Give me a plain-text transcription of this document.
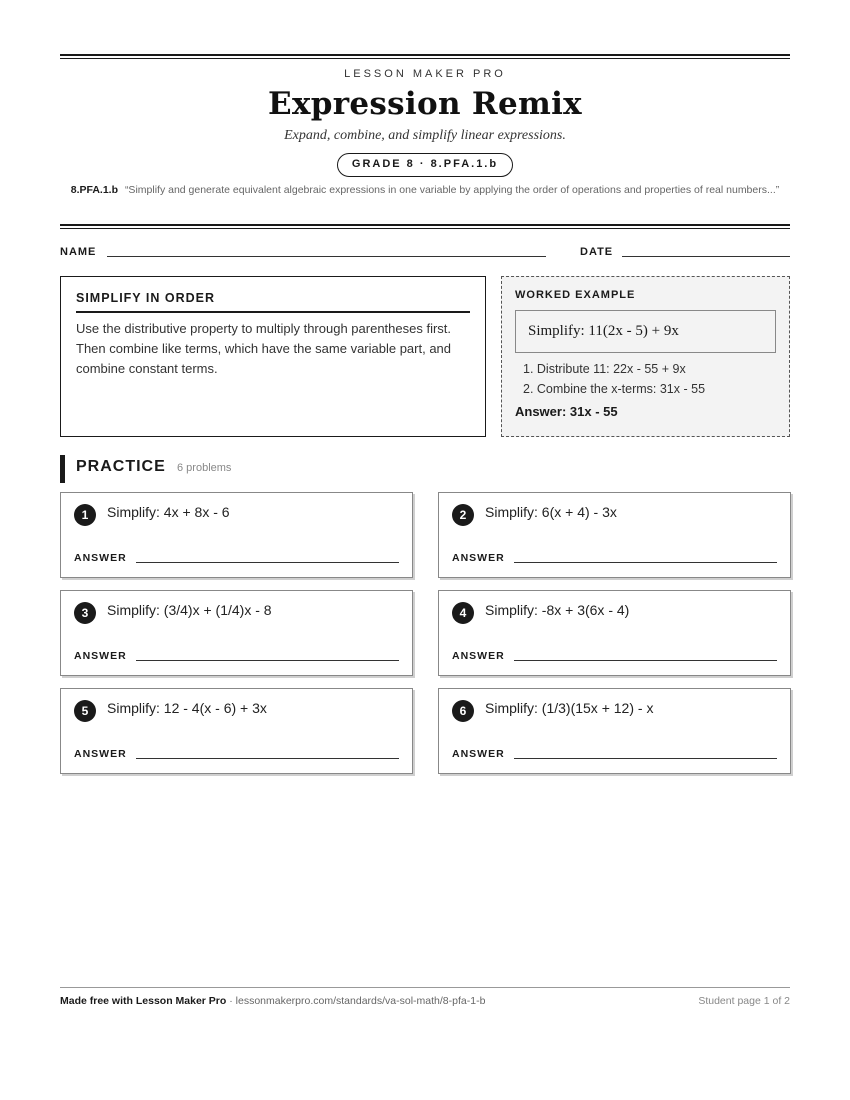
LESSON MAKER PRO
Expression Remix
Expand, combine, and simplify linear expressions.
GRADE 8 · 8.PFA.1.b
8.PFA.1.b “Simplify and generate equivalent algebraic expressions in one variable by applying the order of operations and properties of real numbers...”
NAME	DATE
SIMPLIFY IN ORDER
Use the distributive property to multiply through parentheses first. Then combine like terms, which have the same variable part, and combine constant terms.
WORKED EXAMPLE
Simplify: 11(2x - 5) + 9x
1. Distribute 11: 22x - 55 + 9x
2. Combine the x-terms: 31x - 55
Answer: 31x - 55
PRACTICE 6 problems
1	Simplify: 4x + 8x - 6
ANSWER
2	Simplify: 6(x + 4) - 3x
ANSWER
3	Simplify: (3/4)x + (1/4)x - 8
ANSWER
4	Simplify: -8x + 3(6x - 4)
ANSWER
5	Simplify: 12 - 4(x - 6) + 3x
ANSWER
6	Simplify: (1/3)(15x + 12) - x
ANSWER
Made free with Lesson Maker Pro · lessonmakerpro.com/standards/va-sol-math/8-pfa-1-b	Student page 1 of 2
